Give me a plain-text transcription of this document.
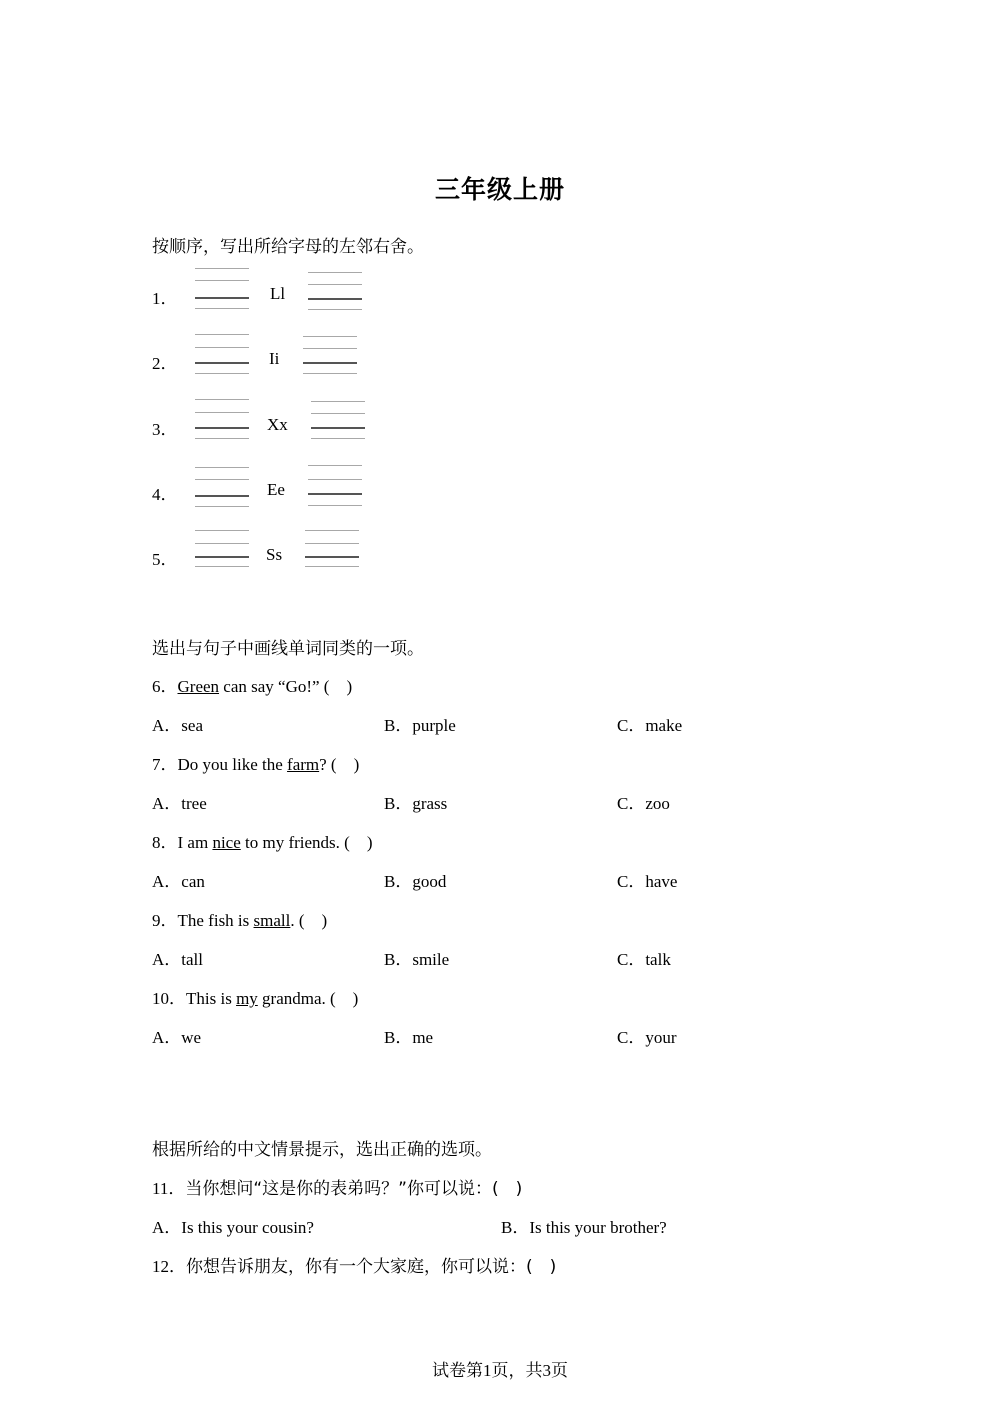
三年级上册
按顺序，写出所给字母的左邻右舍。
1．	Ll
2．	Ii
3．	Xx
4．	Ee
5．	Ss
选出与句子中画线单词同类的一项。
6．Green can say “Go!” (　)
A．sea	B．purple	C．make
7．Do you like the farm? (　)
A．tree	B．grass	C．zoo
8．I am nice to my friends. (　)
A．can	B．good	C．have
9．The fish is small. (　)
A．tall	B．smile	C．talk
10．This is my grandma. (　)
A．we	B．me	C．your
根据所给的中文情景提示，选出正确的选项。
11．当你想问“这是你的表弟吗？”你可以说：(　)
A．Is this your cousin?	B．Is this your brother?
12．你想告诉朋友，你有一个大家庭，你可以说：(　)
试卷第1页，共3页
